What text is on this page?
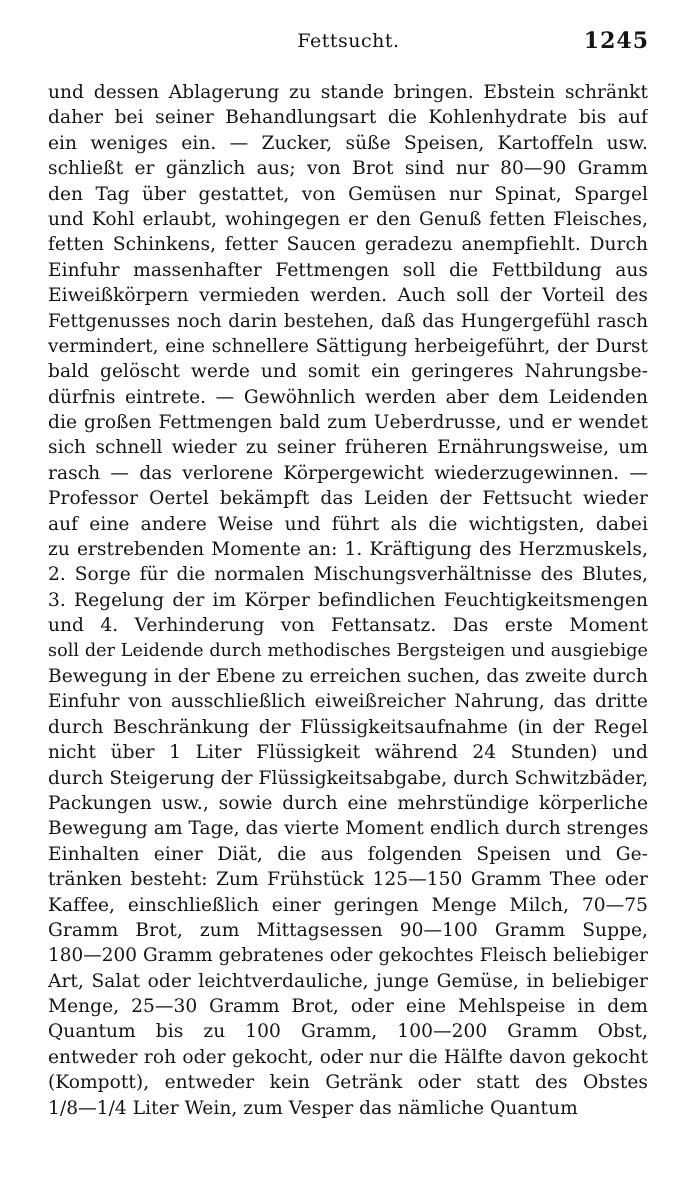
Fettsucht.	1245
und dessen Ablagerung zu stande bringen. Ebstein schränkt
daher bei seiner Behandlungsart die Kohlenhydrate bis auf
ein weniges ein. — Zucker, süße Speisen, Kartoffeln usw.
schließt er gänzlich aus; von Brot sind nur 80—90 Gramm
den Tag über gestattet, von Gemüsen nur Spinat, Spargel
und Kohl erlaubt, wohingegen er den Genuß fetten Fleisches,
fetten Schinkens, fetter Saucen geradezu anempfiehlt. Durch
Einfuhr massenhafter Fettmengen soll die Fettbildung aus
Eiweißkörpern vermieden werden. Auch soll der Vorteil des
Fettgenusses noch darin bestehen, daß das Hungergefühl rasch
vermindert, eine schnellere Sättigung herbeigeführt, der Durst
bald gelöscht werde und somit ein geringeres Nahrungsbe-
dürfnis eintrete. — Gewöhnlich werden aber dem Leidenden
die großen Fettmengen bald zum Ueberdrusse, und er wendet
sich schnell wieder zu seiner früheren Ernährungsweise, um
rasch — das verlorene Körpergewicht wiederzugewinnen. —
Professor Oertel bekämpft das Leiden der Fettsucht wieder
auf eine andere Weise und führt als die wichtigsten, dabei
zu erstrebenden Momente an: 1. Kräftigung des Herzmuskels,
2. Sorge für die normalen Mischungsverhältnisse des Blutes,
3. Regelung der im Körper befindlichen Feuchtigkeitsmengen
und 4. Verhinderung von Fettansatz. Das erste Moment
soll der Leidende durch methodisches Bergsteigen und ausgiebige
Bewegung in der Ebene zu erreichen suchen, das zweite durch
Einfuhr von ausschließlich eiweißreicher Nahrung, das dritte
durch Beschränkung der Flüssigkeitsaufnahme (in der Regel
nicht über 1 Liter Flüssigkeit während 24 Stunden) und
durch Steigerung der Flüssigkeitsabgabe, durch Schwitzbäder,
Packungen usw., sowie durch eine mehrstündige körperliche
Bewegung am Tage, das vierte Moment endlich durch strenges
Einhalten einer Diät, die aus folgenden Speisen und Ge-
tränken besteht: Zum Frühstück 125—150 Gramm Thee oder
Kaffee, einschließlich einer geringen Menge Milch, 70—75
Gramm Brot, zum Mittagsessen 90—100 Gramm Suppe,
180—200 Gramm gebratenes oder gekochtes Fleisch beliebiger
Art, Salat oder leichtverdauliche, junge Gemüse, in beliebiger
Menge, 25—30 Gramm Brot, oder eine Mehlspeise in dem
Quantum bis zu 100 Gramm, 100—200 Gramm Obst,
entweder roh oder gekocht, oder nur die Hälfte davon gekocht
(Kompott), entweder kein Getränk oder statt des Obstes
1/8—1/4 Liter Wein, zum Vesper das nämliche Quantum
